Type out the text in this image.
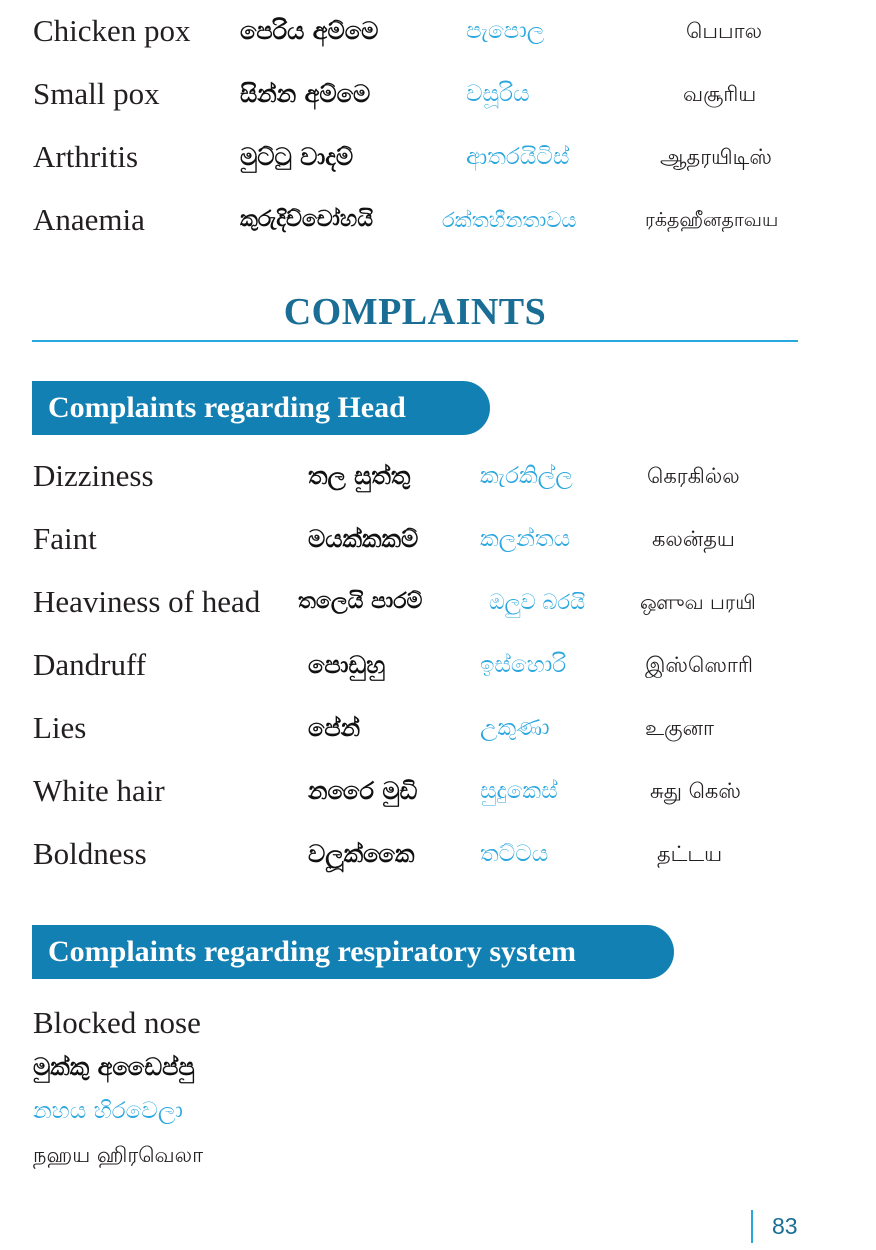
Chicken pox පෙරිය අම්මෙ	පැපොල	பெபால
Small pox	සින්න අම්මෙ	වසූරිය	வசூரிய
Arthritis	මුට්ටු වාදම්	ආතරයිටිස්	ஆதரயிடிஸ்
Anaemia	කුරුදිච්චෝහයි	රක්තහීනතාවය	ரக்தஹீனதாவய
COMPLAINTS
Complaints regarding Head
Dizziness	තල සුත්තු	කැරකිල්ල	கெரகில்ல
Faint	මයක්කකම්	කලන්තය	கலன்தய
Heaviness of head තලෙයි පාරම්	ඔලුව බරයි	ஔுவ பரயி
Dandruff	පොඩුහු	ඉස්හොරි	இஸ்ஸொரி
Lies	පේන්	උකුණා	உகுனா
White hair	නරෛ මුඩි	සුදුකෙස්	சுது கெஸ்
Boldness	වලූක්කෛ	තට්ටය	தட்டய
Complaints regarding respiratory system
Blocked nose
මුක්කු අඩෛප්පු
නහය හිරවෙලා
நஹய ஹிரவெலா
83
